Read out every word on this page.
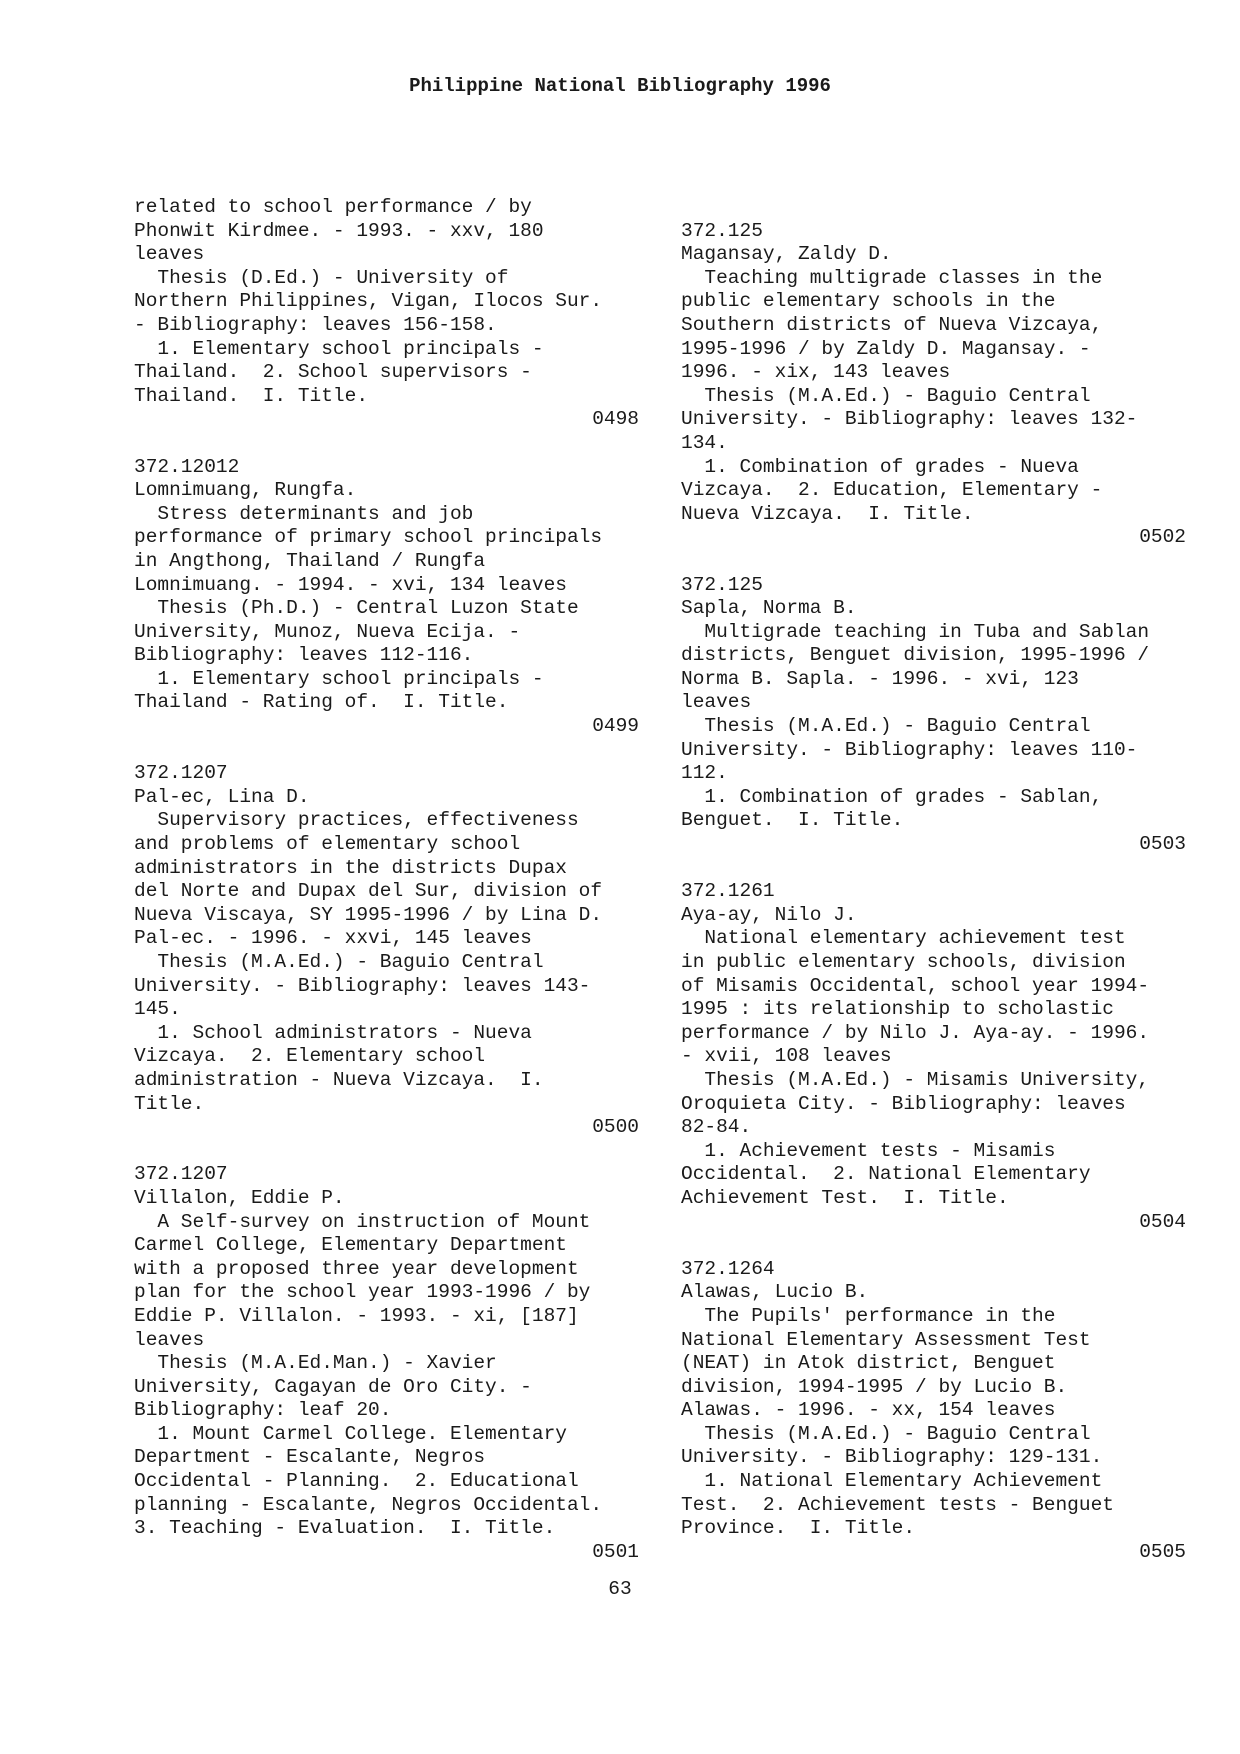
Philippine National Bibliography 1996
related to school performance / by
Phonwit Kirdmee. - 1993. - xxv, 180
leaves
Thesis (D.Ed.) - University of
Northern Philippines, Vigan, Ilocos Sur.
- Bibliography: leaves 156-158.
1. Elementary school principals -
Thailand.  2. School supervisors -
Thailand.  I. Title.
0498
372.12012
Lomnimuang, Rungfa.
Stress determinants and job
performance of primary school principals
in Angthong, Thailand / Rungfa
Lomnimuang. - 1994. - xvi, 134 leaves
Thesis (Ph.D.) - Central Luzon State
University, Munoz, Nueva Ecija. -
Bibliography: leaves 112-116.
1. Elementary school principals -
Thailand - Rating of.  I. Title.
0499
372.1207
Pal-ec, Lina D.
Supervisory practices, effectiveness
and problems of elementary school
administrators in the districts Dupax
del Norte and Dupax del Sur, division of
Nueva Viscaya, SY 1995-1996 / by Lina D.
Pal-ec. - 1996. - xxvi, 145 leaves
Thesis (M.A.Ed.) - Baguio Central
University. - Bibliography: leaves 143-
145.
1. School administrators - Nueva
Vizcaya.  2. Elementary school
administration - Nueva Vizcaya.  I.
Title.
0500
372.1207
Villalon, Eddie P.
A Self-survey on instruction of Mount
Carmel College, Elementary Department
with a proposed three year development
plan for the school year 1993-1996 / by
Eddie P. Villalon. - 1993. - xi, [187]
leaves
Thesis (M.A.Ed.Man.) - Xavier
University, Cagayan de Oro City. -
Bibliography: leaf 20.
1. Mount Carmel College. Elementary
Department - Escalante, Negros
Occidental - Planning.  2. Educational
planning - Escalante, Negros Occidental.
3. Teaching - Evaluation.  I. Title.
0501
372.125
Magansay, Zaldy D.
Teaching multigrade classes in the
public elementary schools in the
Southern districts of Nueva Vizcaya,
1995-1996 / by Zaldy D. Magansay. -
1996. - xix, 143 leaves
Thesis (M.A.Ed.) - Baguio Central
University. - Bibliography: leaves 132-
134.
1. Combination of grades - Nueva
Vizcaya.  2. Education, Elementary -
Nueva Vizcaya.  I. Title.
0502
372.125
Sapla, Norma B.
Multigrade teaching in Tuba and Sablan
districts, Benguet division, 1995-1996 /
Norma B. Sapla. - 1996. - xvi, 123
leaves
Thesis (M.A.Ed.) - Baguio Central
University. - Bibliography: leaves 110-
112.
1. Combination of grades - Sablan,
Benguet.  I. Title.
0503
372.1261
Aya-ay, Nilo J.
National elementary achievement test
in public elementary schools, division
of Misamis Occidental, school year 1994-
1995 : its relationship to scholastic
performance / by Nilo J. Aya-ay. - 1996.
- xvii, 108 leaves
Thesis (M.A.Ed.) - Misamis University,
Oroquieta City. - Bibliography: leaves
82-84.
1. Achievement tests - Misamis
Occidental.  2. National Elementary
Achievement Test.  I. Title.
0504
372.1264
Alawas, Lucio B.
The Pupils' performance in the
National Elementary Assessment Test
(NEAT) in Atok district, Benguet
division, 1994-1995 / by Lucio B.
Alawas. - 1996. - xx, 154 leaves
Thesis (M.A.Ed.) - Baguio Central
University. - Bibliography: 129-131.
1. National Elementary Achievement
Test.  2. Achievement tests - Benguet
Province.  I. Title.
0505
63
